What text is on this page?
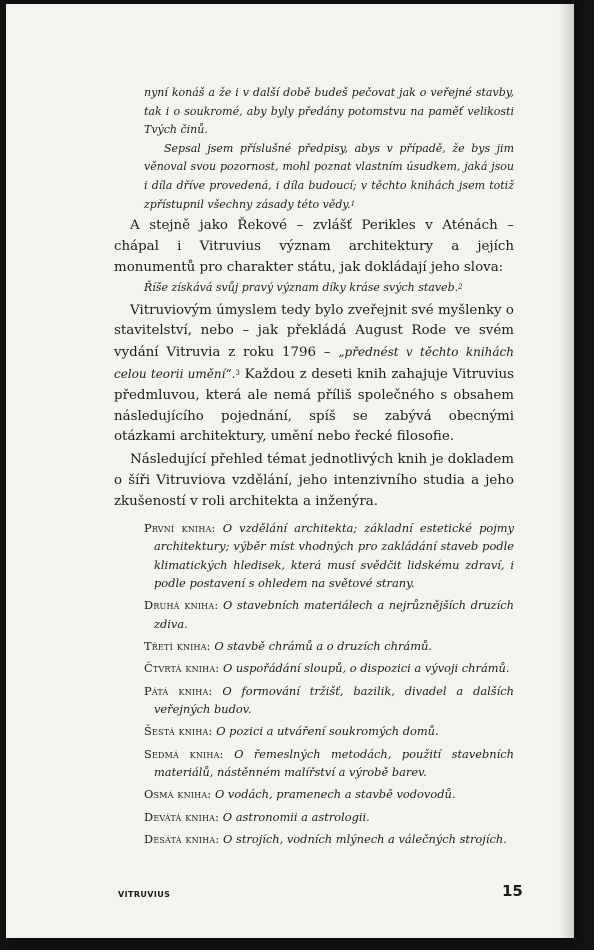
nyní konáš a že i v další době budeš pečovat jak o veřejné stavby, tak i o soukromé, aby byly předány potomstvu na paměť velikosti Tvých činů.

Sepsal jsem příslušné předpisy, abys v případě, že bys jim věnoval svou pozornost, mohl poznat vlastním úsudkem, jaká jsou i díla dříve provedená, i díla budoucí; v těchto knihách jsem totiž zpřístupnil všechny zásady této vědy.$^1$

A stejně jako Řekové – zvlášť Perikles v Aténách – chápal i Vitruvius význam architektury a jejích monumentů pro charakter státu, jak dokládají jeho slova:

Říše získává svůj pravý význam díky kráse svých staveb.$^2$

Vitruviovým úmyslem tedy bylo zveřejnit své myšlenky o stavitelství, nebo – jak překládá August Rode ve svém vydání Vitruvia z roku 1796 – „přednést v těchto knihách celou teorii umění“.$^3$ Každou z deseti knih zahajuje Vitruvius předmluvou, která ale nemá příliš společného s obsahem následujícího pojednání, spíš se zabývá obecnými otázkami architektury, umění nebo řecké filosofie.

Následující přehled témat jednotlivých knih je dokladem o šíři Vitruviova vzdělání, jeho intenzivního studia a jeho zkušeností v roli architekta a inženýra.

První kniha: O vzdělání architekta; základní estetické pojmy architektury; výběr míst vhodných pro zakládání staveb podle klimatických hledisek, která musí svědčit lidskému zdraví, i podle postavení s ohledem na světové strany.
Druhá kniha: O stavebních materiálech a nejrůznějších druzích zdiva.
Třetí kniha: O stavbě chrámů a o druzích chrámů.
Čtvrtá kniha: O uspořádání sloupů, o dispozici a vývoji chrámů.
Pátá kniha: O formování tržišť, bazilik, divadel a dalších veřejných budov.
Šestá kniha: O pozici a utváření soukromých domů.
Sedmá kniha: O řemeslných metodách, použití stavebních materiálů, nástěnném malířství a výrobě barev.
Osmá kniha: O vodách, pramenech a stavbě vodovodů.
Devátá kniha: O astronomii a astrologii.
Desátá kniha: O strojích, vodních mlýnech a válečných strojích.
VITRUVIUS	15
